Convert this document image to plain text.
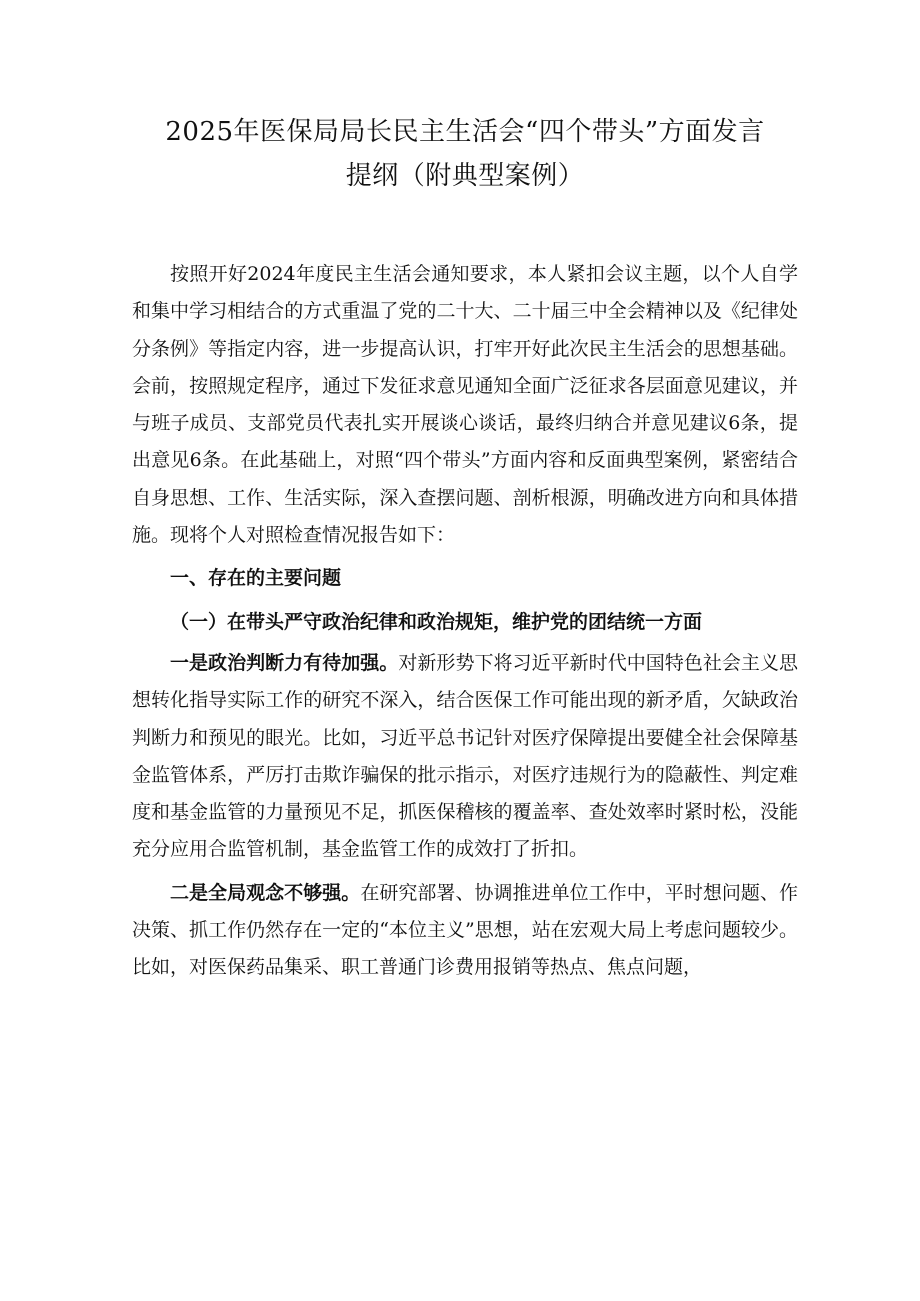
2025年医保局局长民主生活会“四个带头”方面发言
提纲（附典型案例）

按照开好2024年度民主生活会通知要求，本人紧扣会议主题，以个人自学和集中学习相结合的方式重温了党的二十大、二十届三中全会精神以及《纪律处分条例》等指定内容，进一步提高认识，打牢开好此次民主生活会的思想基础。会前，按照规定程序，通过下发征求意见通知全面广泛征求各层面意见建议，并与班子成员、支部党员代表扎实开展谈心谈话，最终归纳合并意见建议6条，提出意见6条。在此基础上，对照“四个带头”方面内容和反面典型案例，紧密结合自身思想、工作、生活实际，深入查摆问题、剖析根源，明确改进方向和具体措施。现将个人对照检查情况报告如下：

一、存在的主要问题

（一）在带头严守政治纪律和政治规矩，维护党的团结统一方面

一是政治判断力有待加强。对新形势下将习近平新时代中国特色社会主义思想转化指导实际工作的研究不深入，结合医保工作可能出现的新矛盾，欠缺政治判断力和预见的眼光。比如，习近平总书记针对医疗保障提出要健全社会保障基金监管体系，严厉打击欺诈骗保的批示指示，对医疗违规行为的隐蔽性、判定难度和基金监管的力量预见不足，抓医保稽核的覆盖率、查处效率时紧时松，没能充分应用合监管机制，基金监管工作的成效打了折扣。

二是全局观念不够强。在研究部署、协调推进单位工作中，平时想问题、作决策、抓工作仍然存在一定的“本位主义”思想，站在宏观大局上考虑问题较少。比如，对医保药品集采、职工普通门诊费用报销等热点、焦点问题，
